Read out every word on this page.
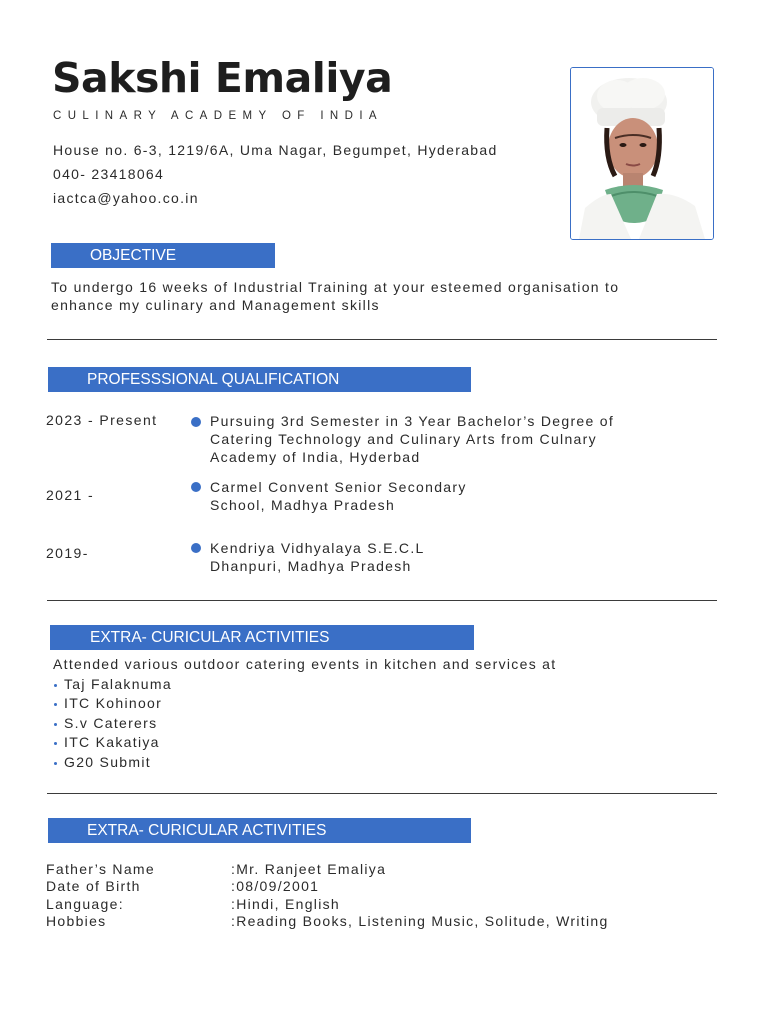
Sakshi Emaliya
CULINARY ACADEMY OF INDIA
House no. 6-3, 1219/6A, Uma Nagar, Begumpet, Hyderabad
040- 23418064
iactca@yahoo.co.in
OBJECTIVE
To undergo 16 weeks of Industrial Training at your esteemed organisation to
enhance my culinary and Management skills
PROFESSSIONAL QUALIFICATION
2023 - Present	Pursuing 3rd Semester in 3 Year Bachelor’s Degree of
Catering Technology and Culinary Arts from Culnary
Academy of India, Hyderbad
2021 -	Carmel Convent Senior Secondary
School, Madhya Pradesh
2019-	Kendriya Vidhyalaya S.E.C.L
Dhanpuri, Madhya Pradesh
EXTRA- CURICULAR ACTIVITIES
Attended various outdoor catering events in kitchen and services at
Taj Falaknuma
ITC Kohinoor
S.v Caterers
ITC Kakatiya
G20 Submit
EXTRA- CURICULAR ACTIVITIES
Father’s Name	:Mr. Ranjeet Emaliya
Date of Birth	:08/09/2001
Language:	:Hindi, English
Hobbies	:Reading Books, Listening Music, Solitude, Writing
